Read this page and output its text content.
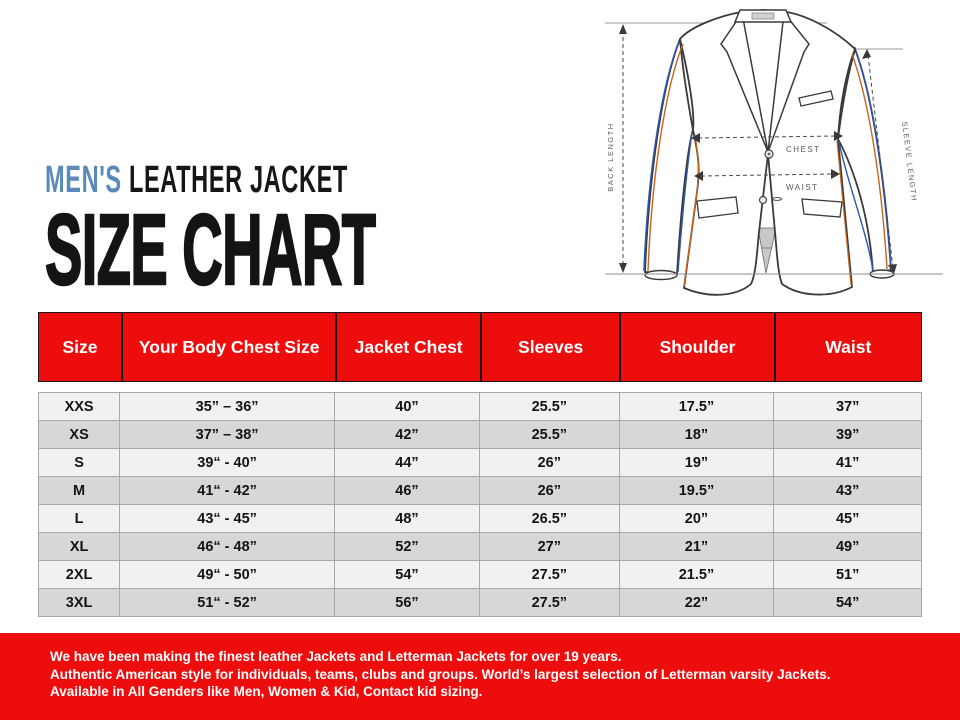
MEN'S LEATHER JACKET
SIZE CHART
BACK LENGTH	SLEEVE LENGTH
CHEST
WAIST
Size	Your Body Chest Size	Jacket Chest	Sleeves	Shoulder	Waist
XXS	35” – 36”	40”	25.5”	17.5”	37”
XS	37” – 38”	42”	25.5”	18”	39”
S	39“ - 40”	44”	26”	19”	41”
M	41“ - 42”	46”	26”	19.5”	43”
L	43“ - 45”	48”	26.5”	20”	45”
XL	46“ - 48”	52”	27”	21”	49”
2XL	49“ - 50”	54”	27.5”	21.5”	51”
3XL	51“ - 52”	56”	27.5”	22”	54”
We have been making the finest leather Jackets and Letterman Jackets for over 19 years.
Authentic American style for individuals, teams, clubs and groups. World’s largest selection of Letterman varsity Jackets.
Available in All Genders like Men, Women & Kid, Contact kid sizing.
